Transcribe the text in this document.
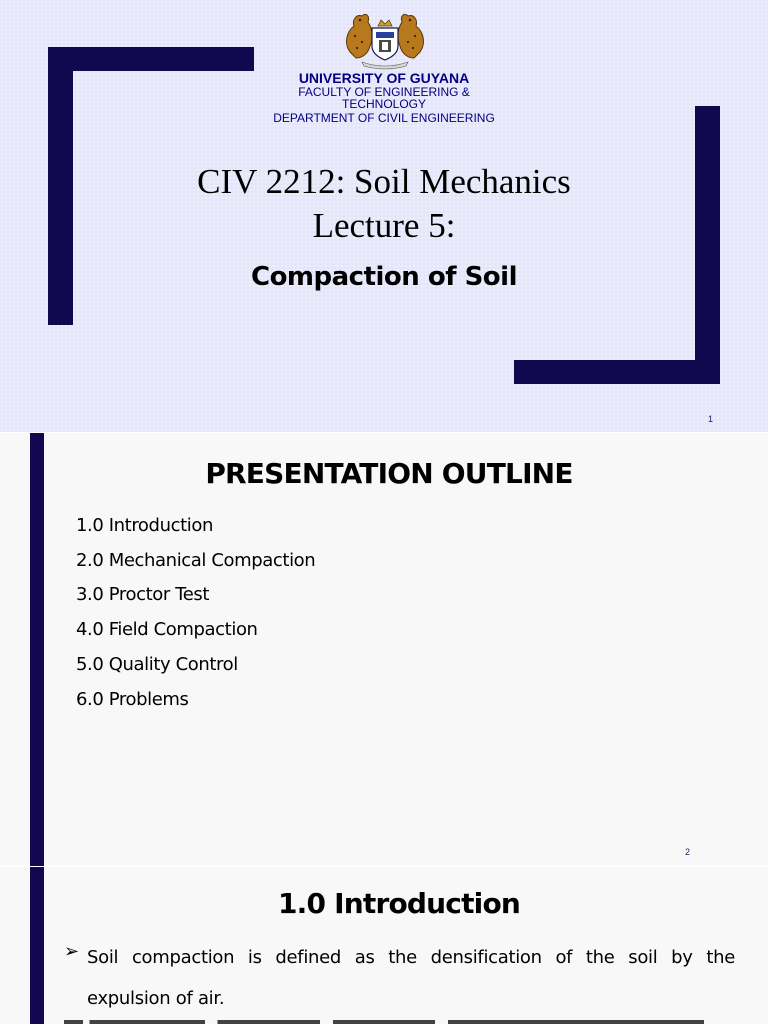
UNIVERSITY OF GUYANA
FACULTY OF ENGINEERING &
TECHNOLOGY
DEPARTMENT OF CIVIL ENGINEERING
CIV 2212: Soil Mechanics
Lecture 5:
Compaction of Soil
1
PRESENTATION OUTLINE
1.0 Introduction
2.0 Mechanical Compaction
3.0 Proctor Test
4.0 Field Compaction
5.0 Quality Control
6.0 Problems
2
1.0 Introduction
➢ Soil compaction is defined as the densification of the soil by the
expulsion of air.
